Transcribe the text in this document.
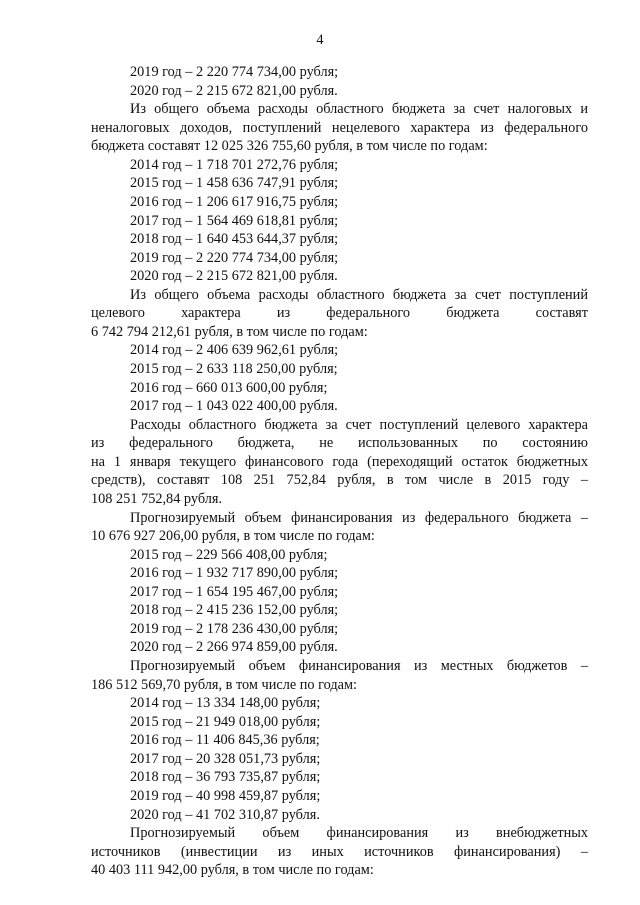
4
2019 год – 2 220 774 734,00 рубля;
2020 год – 2 215 672 821,00 рубля.
Из общего объема расходы областного бюджета за счет налоговых и
неналоговых доходов, поступлений нецелевого характера из федерального
бюджета составят 12 025 326 755,60 рубля, в том числе по годам:
2014 год – 1 718 701 272,76 рубля;
2015 год – 1 458 636 747,91 рубля;
2016 год – 1 206 617 916,75 рубля;
2017 год – 1 564 469 618,81 рубля;
2018 год – 1 640 453 644,37 рубля;
2019 год – 2 220 774 734,00 рубля;
2020 год – 2 215 672 821,00 рубля.
Из общего объема расходы областного бюджета за счет поступлений
целевого характера из федерального бюджета составят
6 742 794 212,61 рубля, в том числе по годам:
2014 год – 2 406 639 962,61 рубля;
2015 год – 2 633 118 250,00 рубля;
2016 год – 660 013 600,00 рубля;
2017 год – 1 043 022 400,00 рубля.
Расходы областного бюджета за счет поступлений целевого характера
из федерального бюджета, не использованных по состоянию
на 1 января текущего финансового года (переходящий остаток бюджетных
средств), составят 108 251 752,84 рубля, в том числе в 2015 году –
108 251 752,84 рубля.
Прогнозируемый объем финансирования из федерального бюджета –
10 676 927 206,00 рубля, в том числе по годам:
2015 год – 229 566 408,00 рубля;
2016 год – 1 932 717 890,00 рубля;
2017 год – 1 654 195 467,00 рубля;
2018 год – 2 415 236 152,00 рубля;
2019 год – 2 178 236 430,00 рубля;
2020 год – 2 266 974 859,00 рубля.
Прогнозируемый объем финансирования из местных бюджетов –
186 512 569,70 рубля, в том числе по годам:
2014 год – 13 334 148,00 рубля;
2015 год – 21 949 018,00 рубля;
2016 год – 11 406 845,36 рубля;
2017 год – 20 328 051,73 рубля;
2018 год – 36 793 735,87 рубля;
2019 год – 40 998 459,87 рубля;
2020 год – 41 702 310,87 рубля.
Прогнозируемый объем финансирования из внебюджетных
источников (инвестиции из иных источников финансирования) –
40 403 111 942,00 рубля, в том числе по годам:
